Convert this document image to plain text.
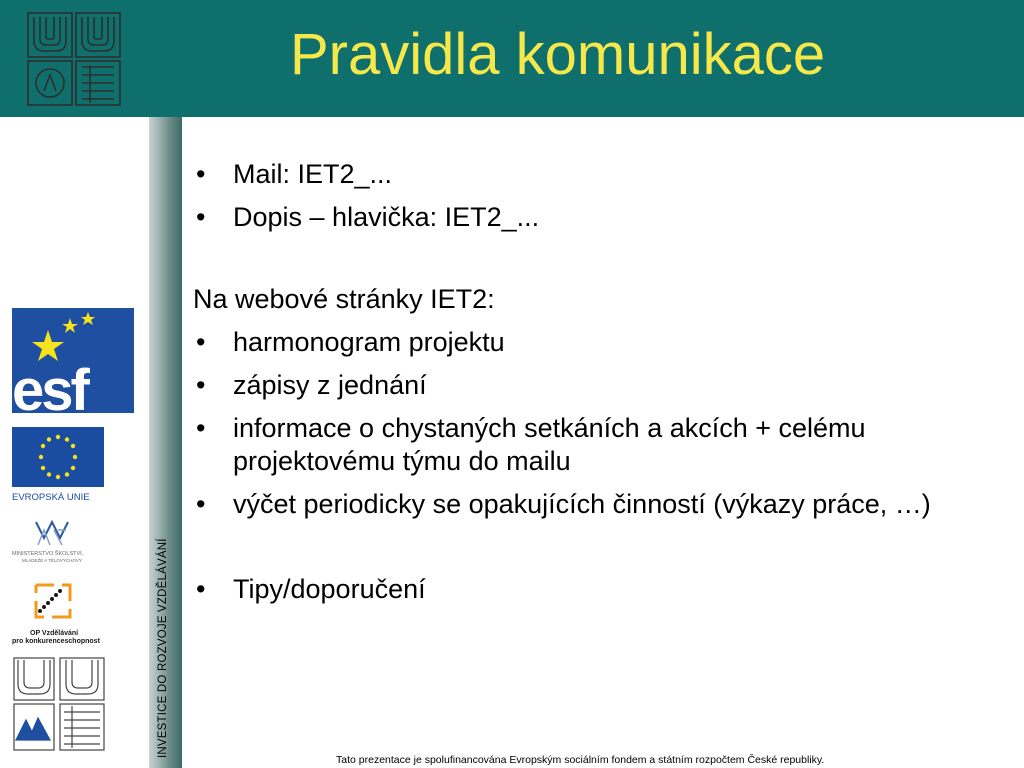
Pravidla komunikace
esf
EVROPSKÁ UNIE
MINISTERSTVO ŠKOLSTVÍ,
MLÁDEŽE A TĚLOVÝCHOVY
OP Vzdělávání
pro konkurenceschopnost	INVESTICE DO ROZVOJE VZDĚLÁVÁNÍ
•	Mail: IET2_...
•	Dopis – hlavička: IET2_...
Na webové stránky IET2:
•	harmonogram projektu
•	zápisy z jednání
•	informace o chystaných setkáních a akcích + celému projektovému týmu do mailu
•	výčet periodicky se opakujících činností (výkazy práce, …)
•	Tipy/doporučení
Tato prezentace je spolufinancována Evropským sociálním fondem a státním rozpočtem České republiky.
